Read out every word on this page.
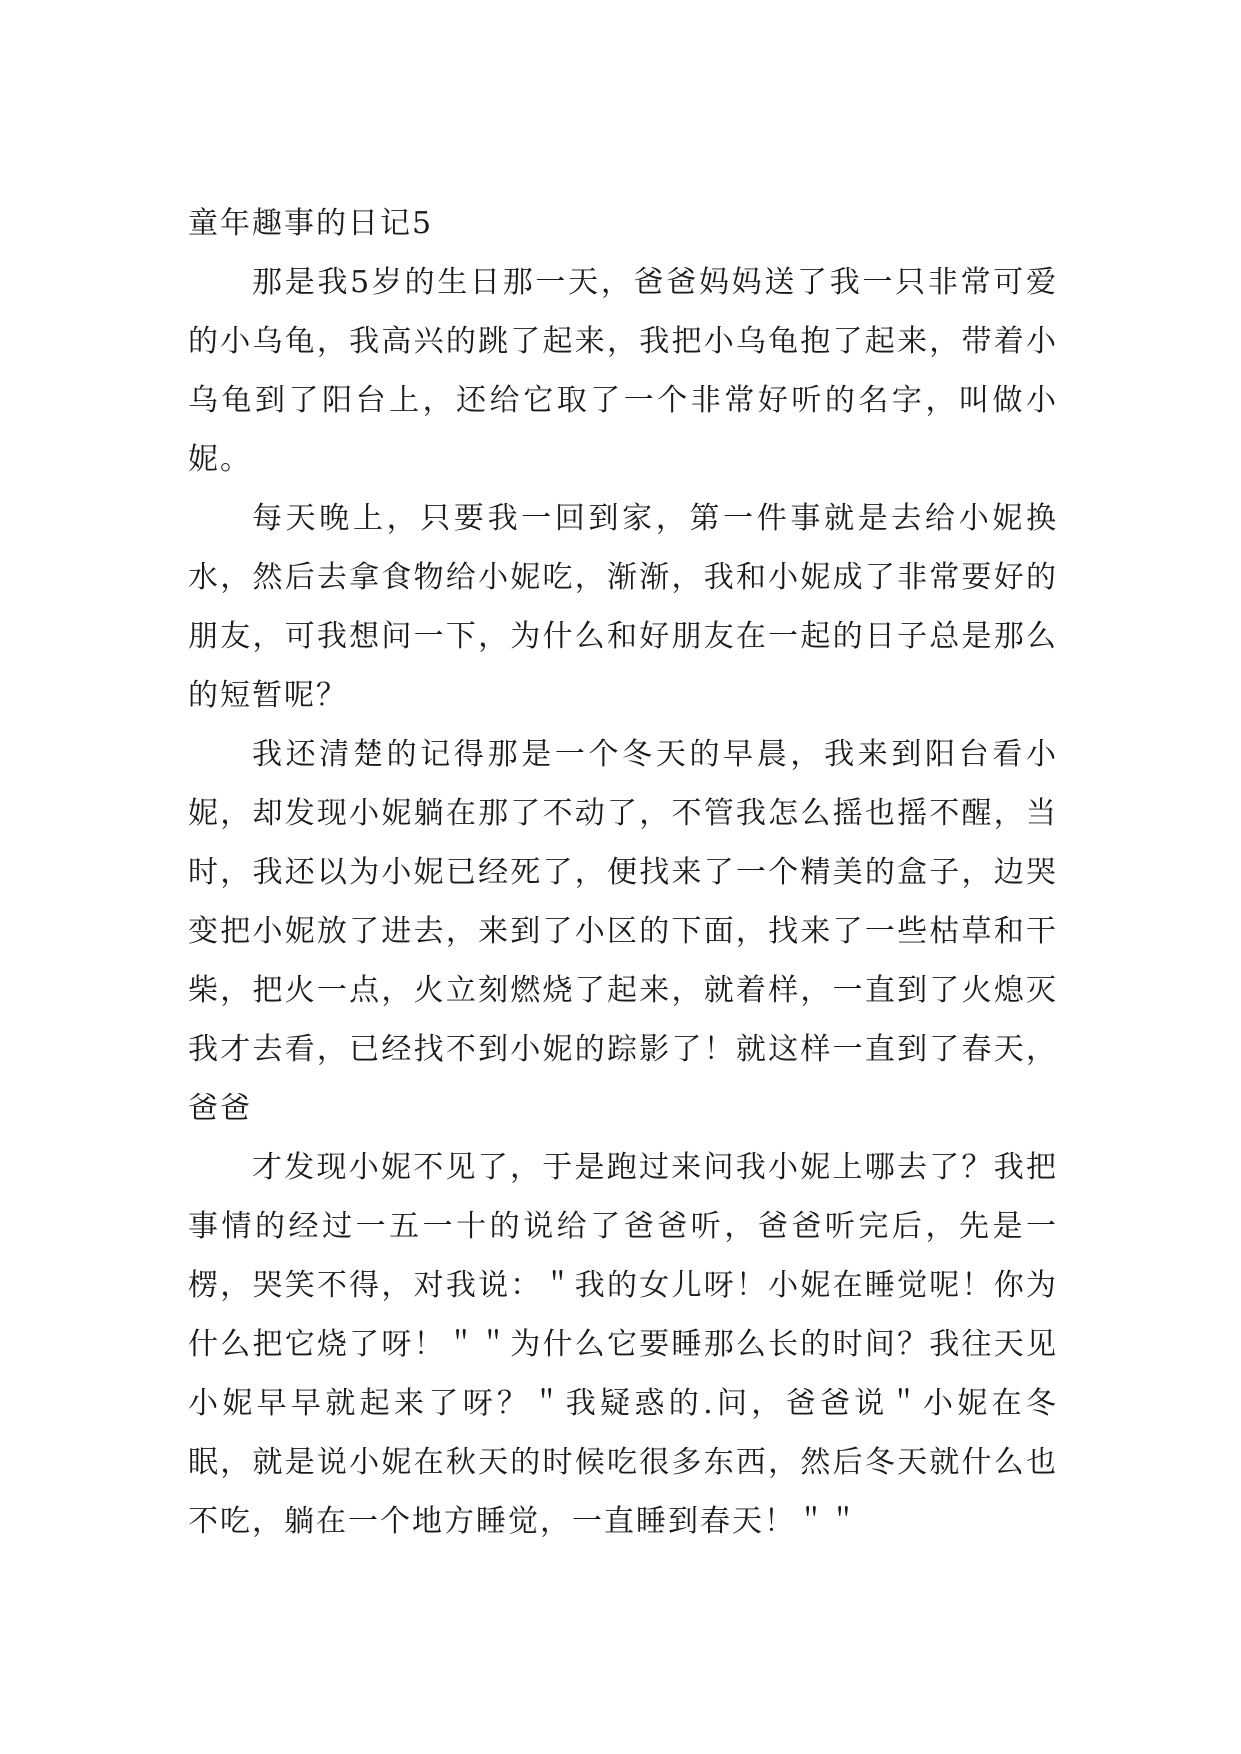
童年趣事的日记5

那是我5岁的生日那一天，爸爸妈妈送了我一只非常可爱的小乌龟，我高兴的跳了起来，我把小乌龟抱了起来，带着小乌龟到了阳台上，还给它取了一个非常好听的名字，叫做小妮。

每天晚上，只要我一回到家，第一件事就是去给小妮换水，然后去拿食物给小妮吃，渐渐，我和小妮成了非常要好的朋友，可我想问一下，为什么和好朋友在一起的日子总是那么的短暂呢？

我还清楚的记得那是一个冬天的早晨，我来到阳台看小妮，却发现小妮躺在那了不动了，不管我怎么摇也摇不醒，当时，我还以为小妮已经死了，便找来了一个精美的盒子，边哭变把小妮放了进去，来到了小区的下面，找来了一些枯草和干柴，把火一点，火立刻燃烧了起来，就着样，一直到了火熄灭我才去看，已经找不到小妮的踪影了！就这样一直到了春天，爸爸

才发现小妮不见了，于是跑过来问我小妮上哪去了？我把事情的经过一五一十的说给了爸爸听，爸爸听完后，先是一楞，哭笑不得，对我说：＂我的女儿呀！小妮在睡觉呢！你为什么把它烧了呀！＂＂为什么它要睡那么长的时间？我往天见小妮早早就起来了呀？＂我疑惑的.问，爸爸说＂小妮在冬眠，就是说小妮在秋天的时候吃很多东西，然后冬天就什么也不吃，躺在一个地方睡觉，一直睡到春天！＂＂
